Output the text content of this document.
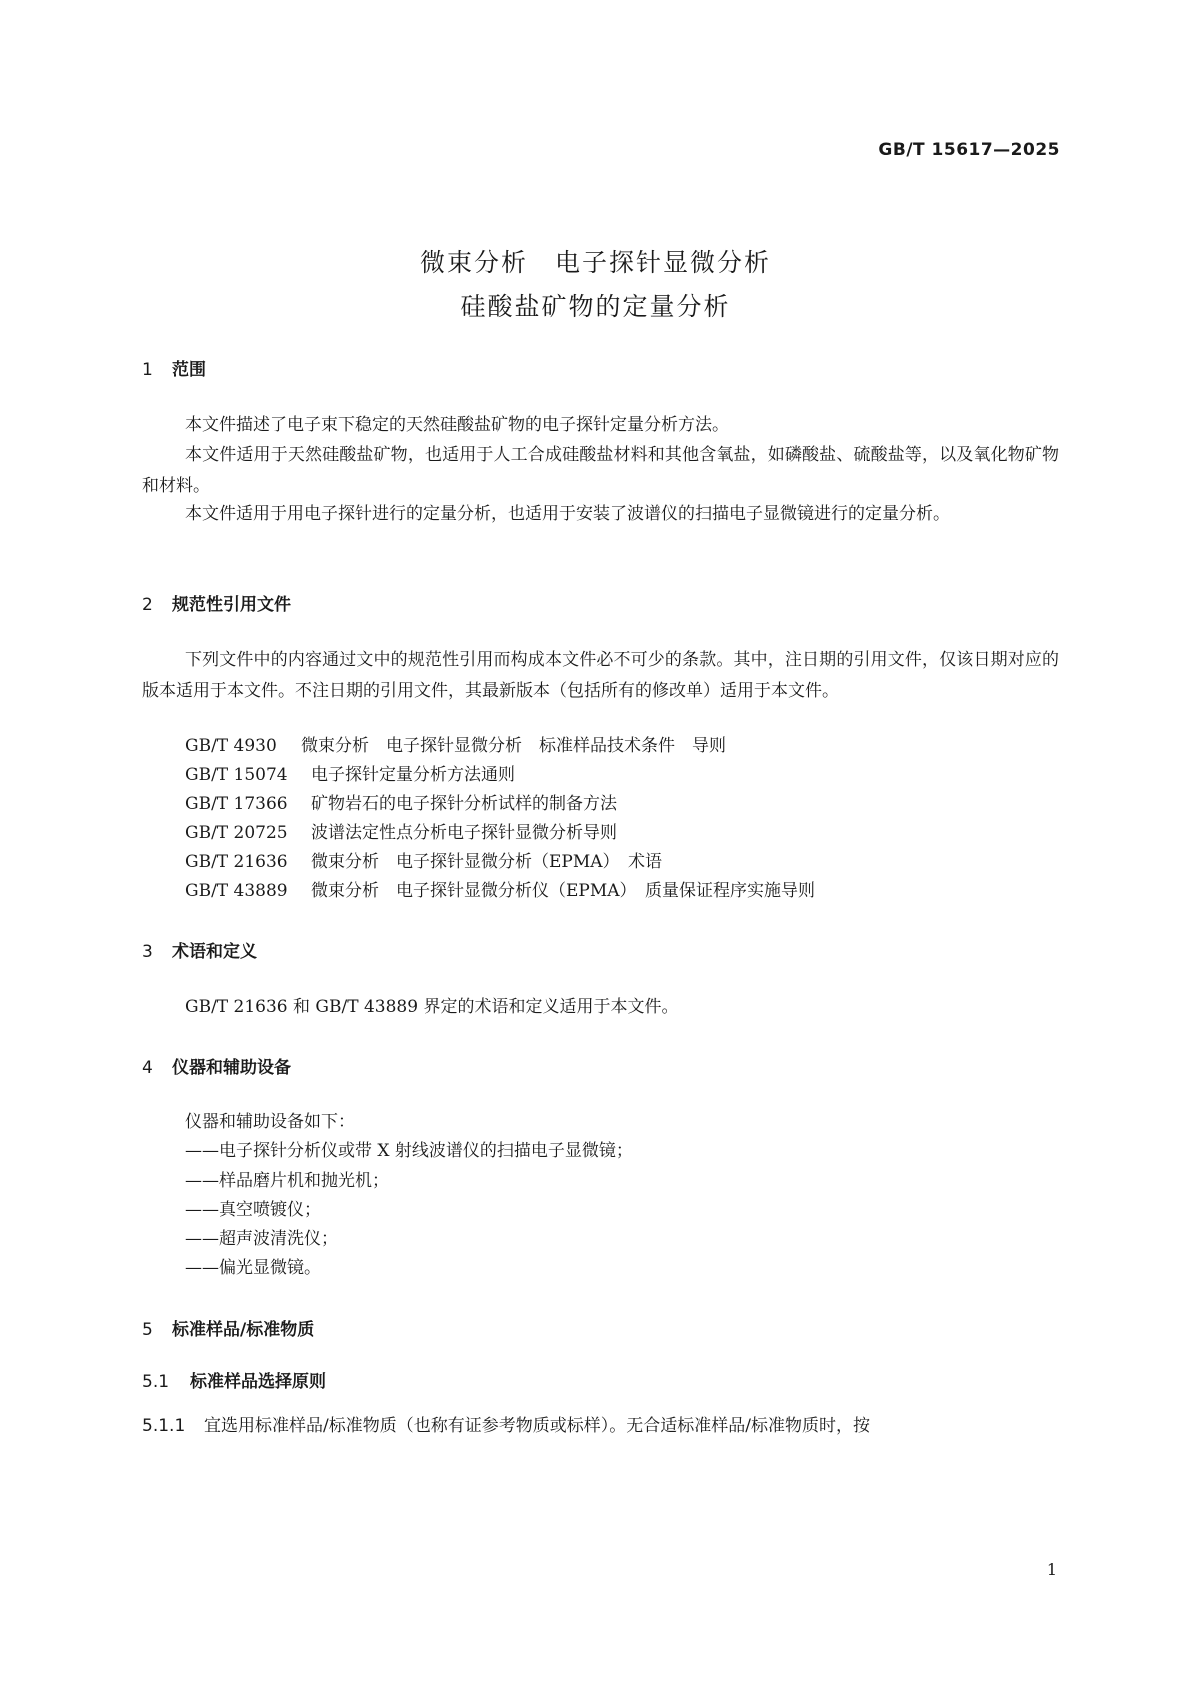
GB/T 15617—2025
微束分析　电子探针显微分析
硅酸盐矿物的定量分析
1 范围
本文件描述了电子束下稳定的天然硅酸盐矿物的电子探针定量分析方法。
本文件适用于天然硅酸盐矿物，也适用于人工合成硅酸盐材料和其他含氧盐，如磷酸盐、硫酸盐等，以及氧化物矿物和材料。
本文件适用于用电子探针进行的定量分析，也适用于安装了波谱仪的扫描电子显微镜进行的定量分析。
2 规范性引用文件
下列文件中的内容通过文中的规范性引用而构成本文件必不可少的条款。其中，注日期的引用文件，仅该日期对应的版本适用于本文件。不注日期的引用文件，其最新版本（包括所有的修改单）适用于本文件。
GB/T 4930 微束分析　电子探针显微分析　标准样品技术条件　导则
GB/T 15074 电子探针定量分析方法通则
GB/T 17366 矿物岩石的电子探针分析试样的制备方法
GB/T 20725 波谱法定性点分析电子探针显微分析导则
GB/T 21636 微束分析　电子探针显微分析（EPMA）　术语
GB/T 43889 微束分析　电子探针显微分析仪（EPMA）　质量保证程序实施导则
3 术语和定义
GB/T 21636 和 GB/T 43889 界定的术语和定义适用于本文件。
4 仪器和辅助设备
仪器和辅助设备如下：
——电子探针分析仪或带 X 射线波谱仪的扫描电子显微镜；
——样品磨片机和抛光机；
——真空喷镀仪；
——超声波清洗仪；
——偏光显微镜。
5 标准样品/标准物质
5.1 标准样品选择原则
5.1.1 宜选用标准样品/标准物质（也称有证参考物质或标样）。无合适标准样品/标准物质时，按
1
